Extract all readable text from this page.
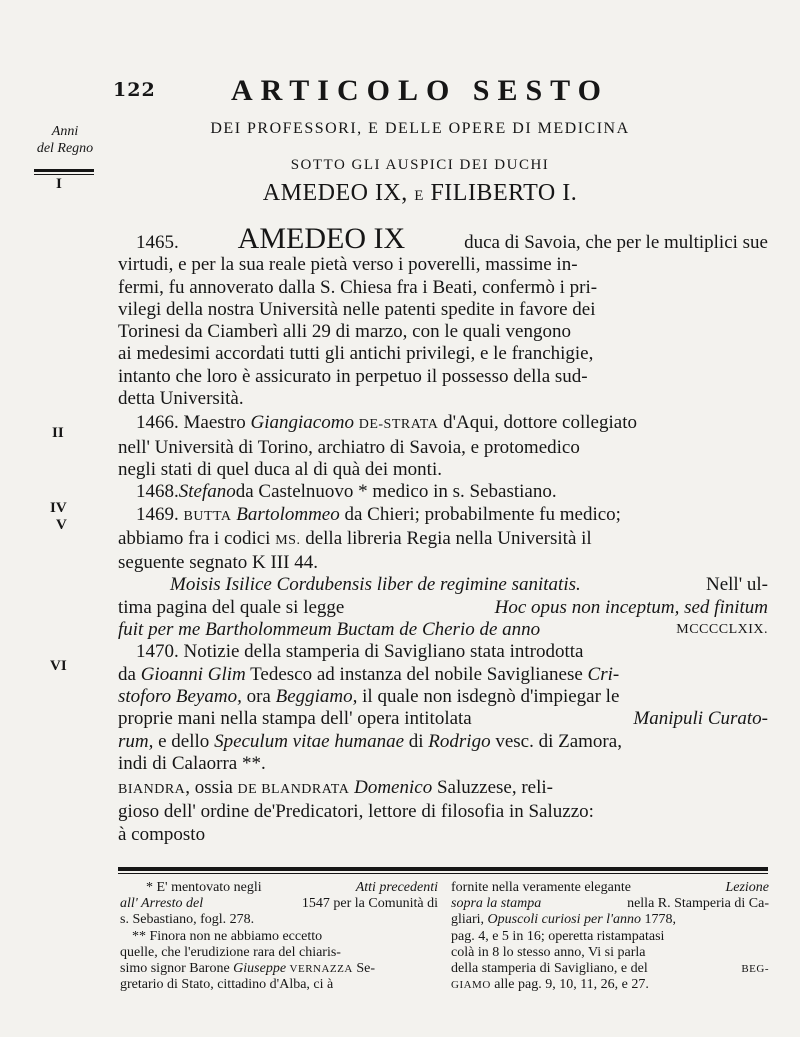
122	ARTICOLO SESTO
DEI PROFESSORI, E DELLE OPERE DI MEDICINA
SOTTO GLI AUSPICI DEI DUCHI
AMEDEO IX, E FILIBERTO I.
Anni
del Regno
I
II
IV
V
VI
1465. AMEDEO IX	duca di Savoia, che per le multiplici sue
virtudi, e per la sua reale pietà verso i poverelli, massime in-
fermi, fu annoverato dalla S. Chiesa fra i Beati, confermò i pri-
vilegi della nostra Università nelle patenti spedite in favore dei
Torinesi da Ciamberì alli 29 di marzo, con le quali vengono
ai medesimi accordati tutti gli antichi privilegi, e le franchigie,
intanto che loro è assicurato in perpetuo il possesso della sud-
detta Università.
1466. Maestro Giangiacomo DE-STRATA d'Aqui, dottore collegiato
nell' Università di Torino, archiatro di Savoia, e protomedico
negli stati di quel duca al di quà dei monti.
1468. Stefano da Castelnuovo * medico in s. Sebastiano.
1469. BUTTA Bartolommeo da Chieri; probabilmente fu medico;
abbiamo fra i codici MS. della libreria Regia nella Università il
seguente segnato K III 44.
Moisis Isilice Cordubensis liber de regimine sanitatis.	Nell' ul-
tima pagina del quale si legge	Hoc opus non inceptum, sed finitum
fuit per me Bartholommeum Buctam de Cherio de anno	MCCCCLXIX.
1470. Notizie della stamperia di Savigliano stata introdotta
da Gioanni Glim Tedesco ad instanza del nobile Saviglianese Cri-
stoforo Beyamo, ora Beggiamo, il quale non isdegnò d'impiegar le
proprie mani nella stampa dell' opera intitolata	Manipuli Curato-
rum, e dello Speculum vitae humanae di Rodrigo vesc. di Zamora,
indi di Calaorra **.
BIANDRA, ossia DE BLANDRATA Domenico Saluzzese, reli-
gioso dell' ordine de'Predicatori, lettore di filosofia in Saluzzo:
à composto
* E' mentovato negli	Atti precedenti
all' Arresto del	1547 per la Comunità di
s. Sebastiano, fogl. 278.
** Finora non ne abbiamo eccetto
quelle, che l'erudizione rara del chiaris-
simo signor Barone Giuseppe VERNAZZA Se-
gretario di Stato, cittadino d'Alba, ci à
fornite nella veramente elegante	Lezione
sopra la stampa	nella R. Stamperia di Ca-
gliari, Opuscoli curiosi per l'anno 1778,
pag. 4, e 5 in 16; operetta ristampatasi
colà in 8 lo stesso anno, Vi si parla
della stamperia di Savigliano, e del	BEG-
GIAMO alle pag. 9, 10, 11, 26, e 27.
